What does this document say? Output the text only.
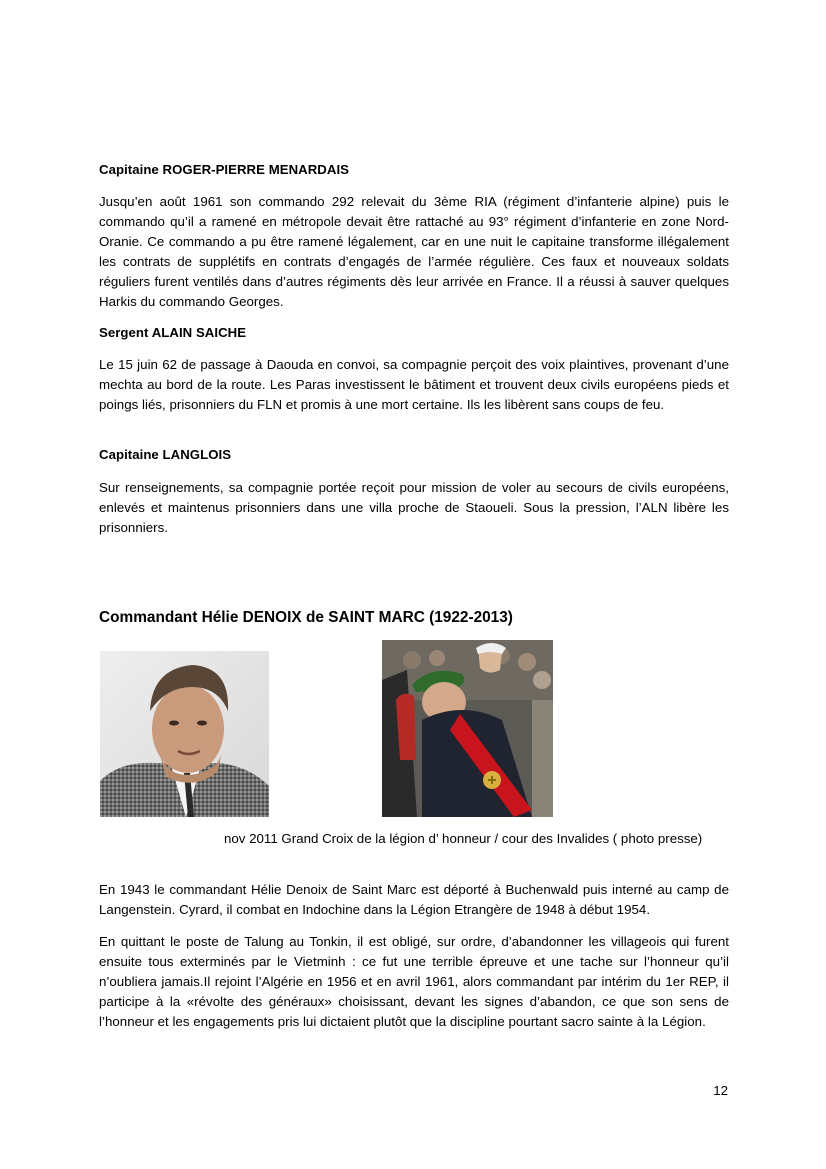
Capitaine ROGER-PIERRE MENARDAIS
Jusqu’en août 1961 son commando 292 relevait du 3ème RIA (régiment d’infanterie alpine) puis le commando qu’il a ramené en métropole devait être rattaché au 93° régiment d’infanterie en zone Nord-Oranie. Ce commando a pu être ramené légalement, car en une nuit le capitaine transforme illégalement les contrats de supplétifs en contrats d’engagés de l’armée régulière. Ces faux et nouveaux soldats réguliers furent ventilés dans d’autres régiments dès leur arrivée en France. Il a réussi à sauver quelques Harkis du commando Georges.
Sergent ALAIN SAICHE
Le 15 juin 62 de passage à Daouda en convoi, sa compagnie perçoit des voix plaintives, provenant d’une mechta au bord de la route. Les Paras investissent le bâtiment et trouvent deux civils européens pieds et poings liés, prisonniers du FLN et promis à une mort certaine. Ils les libèrent sans coups de feu.
Capitaine LANGLOIS
Sur renseignements, sa compagnie portée reçoit pour mission de voler au secours de civils européens, enlevés et maintenus prisonniers dans une villa proche de Staoueli. Sous la pression, l’ALN libère les prisonniers.
Commandant Hélie DENOIX de SAINT MARC (1922-2013)
nov 2011 Grand Croix de la légion d’ honneur / cour des Invalides ( photo presse)
En 1943 le commandant Hélie Denoix de Saint Marc est déporté à Buchenwald puis interné au camp de Langenstein. Cyrard, il combat en Indochine dans la Légion Etrangère de 1948 à début 1954.
En quittant le poste de Talung au Tonkin, il est obligé, sur ordre, d’abandonner les villageois qui furent ensuite tous exterminés par le Vietminh : ce fut une terrible épreuve et une tache sur l’honneur qu’il n’oubliera jamais.Il rejoint l’Algérie en 1956 et en avril 1961, alors commandant par intérim du 1er REP, il participe à la «révolte des généraux» choisissant, devant les signes d’abandon, ce que son sens de l’honneur et les engagements pris lui dictaient plutôt que la discipline pourtant sacro sainte à la Légion.
12
